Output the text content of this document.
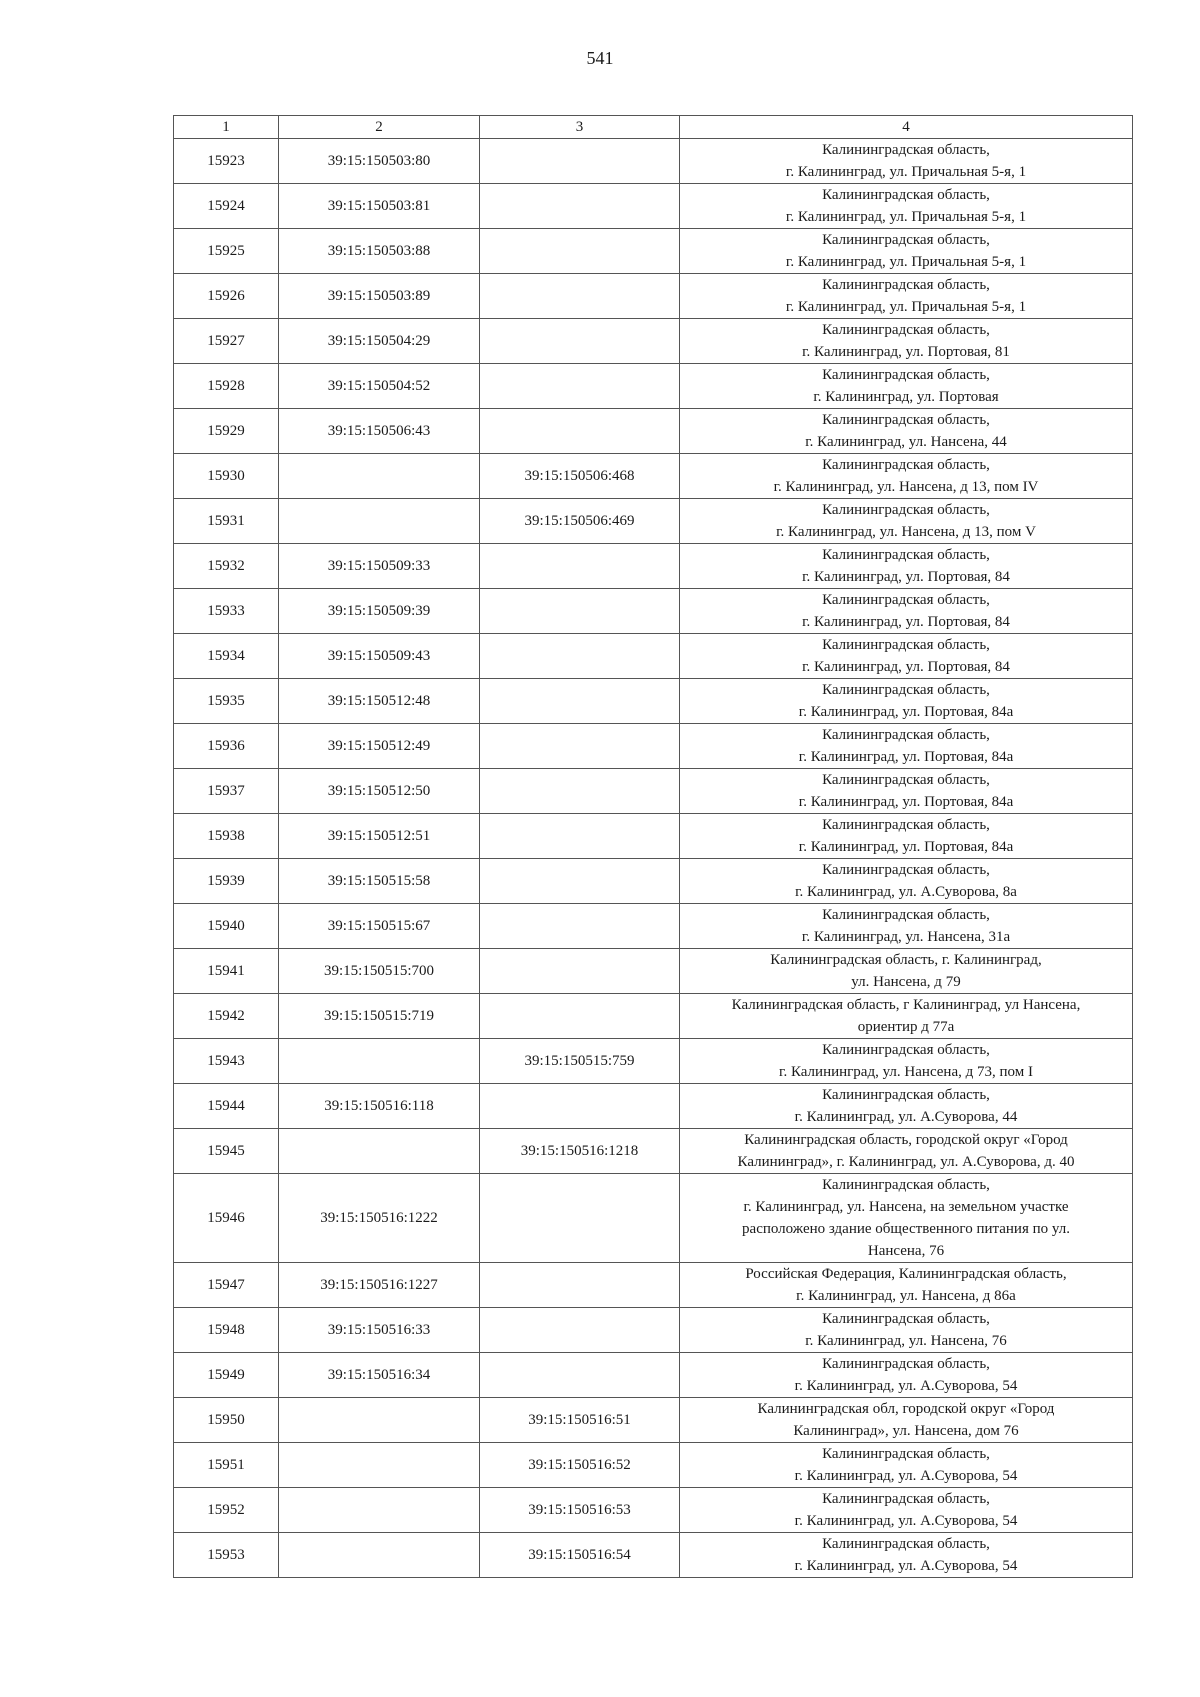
541
1	2	3	4
15923	39:15:150503:80		Калининградская область,
г. Калининград, ул. Причальная 5-я, 1

15924	39:15:150503:81		Калининградская область,
г. Калининград, ул. Причальная 5-я, 1

15925	39:15:150503:88		Калининградская область,
г. Калининград, ул. Причальная 5-я, 1

15926	39:15:150503:89		Калининградская область,
г. Калининград, ул. Причальная 5-я, 1

15927	39:15:150504:29		Калининградская область,
г. Калининград, ул. Портовая, 81

15928	39:15:150504:52		Калининградская область,
г. Калининград, ул. Портовая

15929	39:15:150506:43		Калининградская область,
г. Калининград, ул. Нансена, 44

15930		39:15:150506:468	Калининградская область,
г. Калининград, ул. Нансена, д 13, пом IV

15931		39:15:150506:469	Калининградская область,
г. Калининград, ул. Нансена, д 13, пом V

15932	39:15:150509:33		Калининградская область,
г. Калининград, ул. Портовая, 84

15933	39:15:150509:39		Калининградская область,
г. Калининград, ул. Портовая, 84

15934	39:15:150509:43		Калининградская область,
г. Калининград, ул. Портовая, 84

15935	39:15:150512:48		Калининградская область,
г. Калининград, ул. Портовая, 84а

15936	39:15:150512:49		Калининградская область,
г. Калининград, ул. Портовая, 84а

15937	39:15:150512:50		Калининградская область,
г. Калининград, ул. Портовая, 84а

15938	39:15:150512:51		Калининградская область,
г. Калининград, ул. Портовая, 84а

15939	39:15:150515:58		Калининградская область,
г. Калининград, ул. А.Суворова, 8а

15940	39:15:150515:67		Калининградская область,
г. Калининград, ул. Нансена, 31а

15941	39:15:150515:700		Калининградская область, г. Калининград,
ул. Нансена, д 79

15942	39:15:150515:719		Калининградская область, г Калининград, ул Нансена,
ориентир д 77а

15943		39:15:150515:759	Калининградская область,
г. Калининград, ул. Нансена, д 73, пом I

15944	39:15:150516:118		Калининградская область,
г. Калининград, ул. А.Суворова, 44

15945		39:15:150516:1218	Калининградская область, городской округ «Город
Калининград», г. Калининград, ул. А.Суворова, д. 40

15946	39:15:150516:1222		Калининградская область,
г. Калининград, ул. Нансена, на земельном участке
расположено здание общественного питания по ул.
Нансена, 76

15947	39:15:150516:1227		Российская Федерация, Калининградская область,
г. Калининград, ул. Нансена, д 86а

15948	39:15:150516:33		Калининградская область,
г. Калининград, ул. Нансена, 76

15949	39:15:150516:34		Калининградская область,
г. Калининград, ул. А.Суворова, 54

15950		39:15:150516:51	Калининградская обл, городской округ «Город
Калининград», ул. Нансена, дом 76

15951		39:15:150516:52	Калининградская область,
г. Калининград, ул. А.Суворова, 54

15952		39:15:150516:53	Калининградская область,
г. Калининград, ул. А.Суворова, 54

15953		39:15:150516:54	Калининградская область,
г. Калининград, ул. А.Суворова, 54
